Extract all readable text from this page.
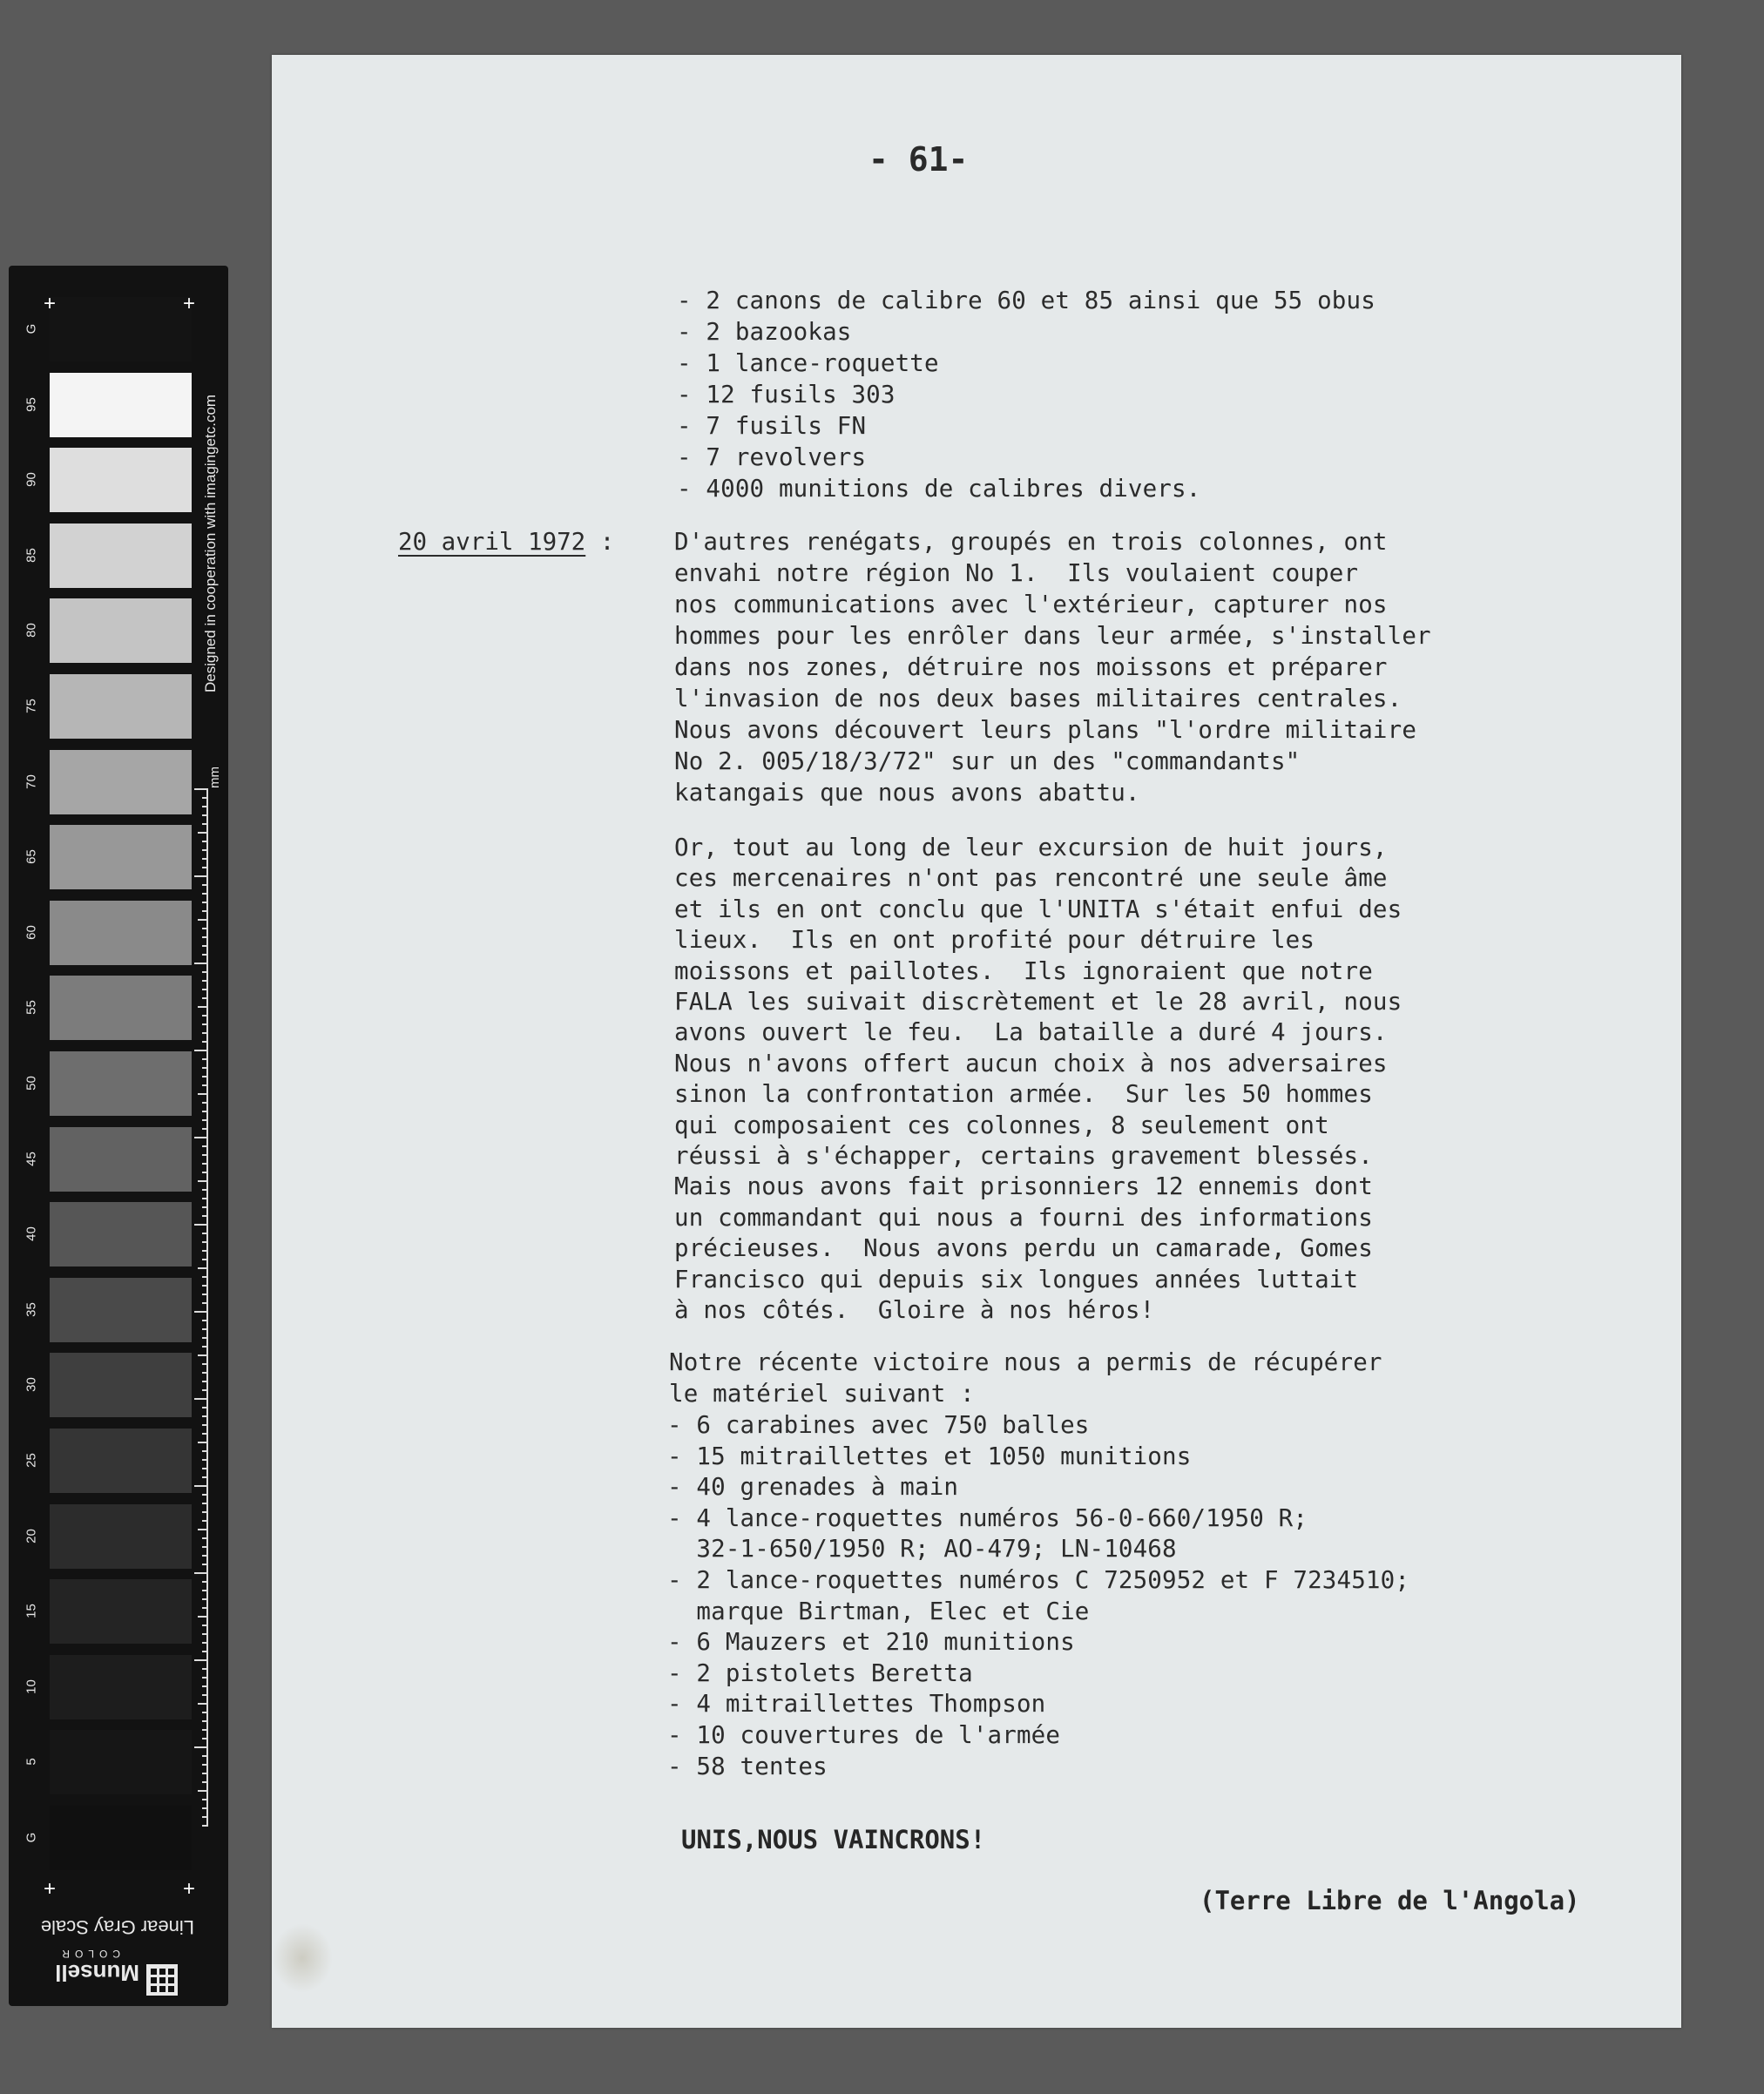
G
95
90
85
80
75
70
65
60
55
50
45
40
35
30
25
20
15
10
5
G
+	+
+	+
Designed in cooperation with imagingetc.com
mm
Linear Gray Scale
Munsell
COLOR

- 61-

- 2 canons de calibre 60 et 85 ainsi que 55 obus

- 2 bazookas

- 1 lance-roquette

- 12 fusils 303

- 7 fusils FN

- 7 revolvers

- 4000 munitions de calibres divers.

20 avril 1972 : D'autres renégats, groupés en trois colonnes, ont

envahi notre région No 1.  Ils voulaient couper

nos communications avec l'extérieur, capturer nos

hommes pour les enrôler dans leur armée, s'installer

dans nos zones, détruire nos moissons et préparer

l'invasion de nos deux bases militaires centrales.

Nous avons découvert leurs plans "l'ordre militaire

No 2. 005/18/3/72" sur un des "commandants"

katangais que nous avons abattu.

Or, tout au long de leur excursion de huit jours,

ces mercenaires n'ont pas rencontré une seule âme

et ils en ont conclu que l'UNITA s'était enfui des

lieux.  Ils en ont profité pour détruire les

moissons et paillotes.  Ils ignoraient que notre

FALA les suivait discrètement et le 28 avril, nous

avons ouvert le feu.  La bataille a duré 4 jours.

Nous n'avons offert aucun choix à nos adversaires

sinon la confrontation armée.  Sur les 50 hommes

qui composaient ces colonnes, 8 seulement ont

réussi à s'échapper, certains gravement blessés.

Mais nous avons fait prisonniers 12 ennemis dont

un commandant qui nous a fourni des informations

précieuses.  Nous avons perdu un camarade, Gomes

Francisco qui depuis six longues années luttait

à nos côtés.  Gloire à nos héros!

Notre récente victoire nous a permis de récupérer

le matériel suivant :

- 6 carabines avec 750 balles

- 15 mitraillettes et 1050 munitions

- 40 grenades à main

- 4 lance-roquettes numéros 56-0-660/1950 R;

32-1-650/1950 R; AO-479; LN-10468

- 2 lance-roquettes numéros C 7250952 et F 7234510;

marque Birtman, Elec et Cie

- 6 Mauzers et 210 munitions

- 2 pistolets Beretta

- 4 mitraillettes Thompson

- 10 couvertures de l'armée

- 58 tentes

UNIS,NOUS VAINCRONS!

(Terre Libre de l'Angola)
